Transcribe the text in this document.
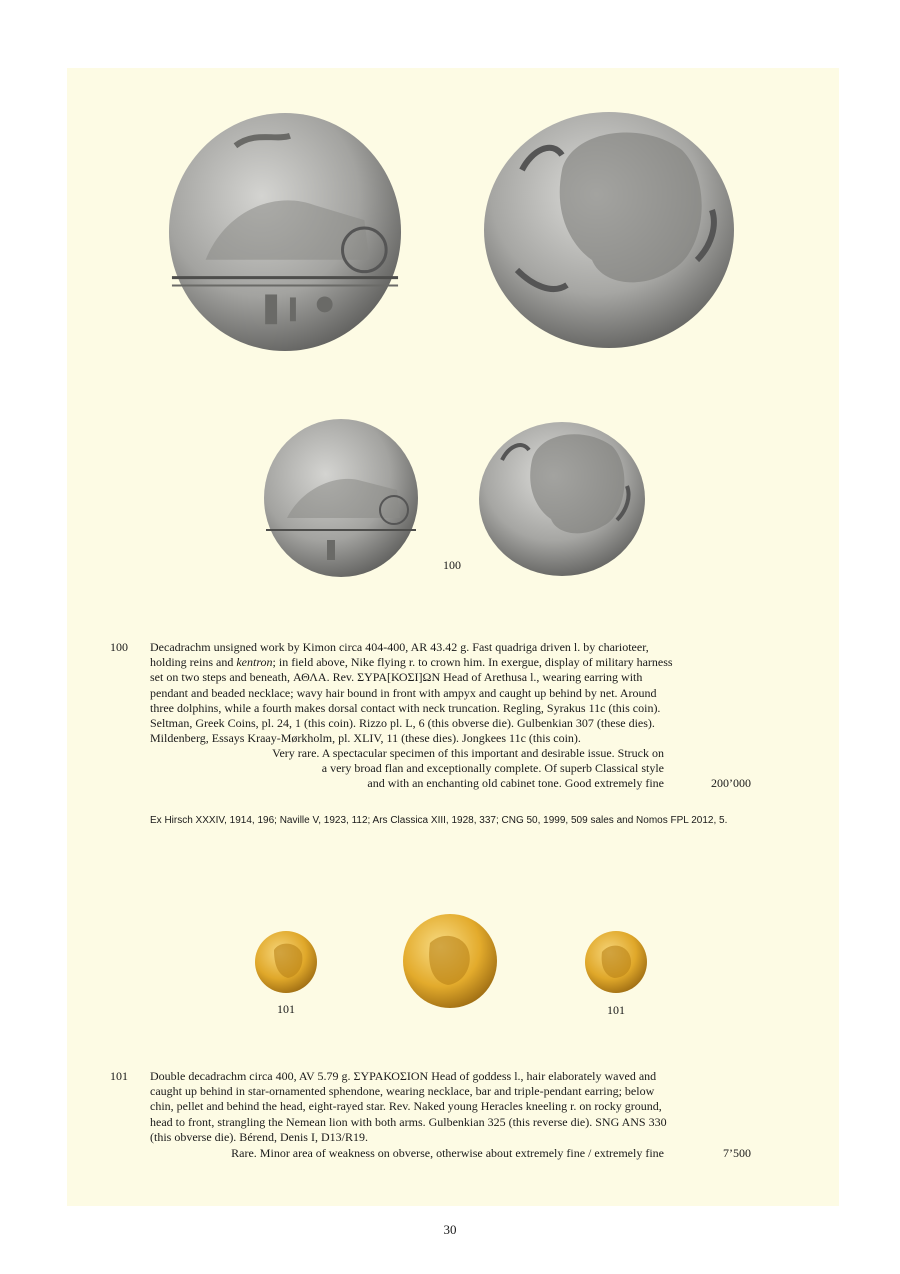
100
100 Decadrachm unsigned work by Kimon circa 404-400, AR 43.42 g. Fast quadriga driven l. by charioteer,

holding reins and kentron; in field above, Nike flying r. to crown him. In exergue, display of military harness

set on two steps and beneath, ΑΘΛΑ. Rev. ΣΥΡΑ[ΚΟΣΙ]ΩΝ Head of Arethusa l., wearing earring with

pendant and beaded necklace; wavy hair bound in front with ampyx and caught up behind by net. Around

three dolphins, while a fourth makes dorsal contact with neck truncation. Regling, Syrakus 11c (this coin).

Seltman, Greek Coins, pl. 24, 1 (this coin). Rizzo pl. L, 6 (this obverse die). Gulbenkian 307 (these dies).

Mildenberg, Essays Kraay-Mørkholm, pl. XLIV, 11 (these dies). Jongkees 11c (this coin).

Very rare. A spectacular specimen of this important and desirable issue. Struck on
a very broad flan and exceptionally complete. Of superb Classical style
and with an enchanting old cabinet tone. Good extremely fine	200’000
Ex Hirsch XXXIV, 1914, 196; Naville V, 1923, 112; Ars Classica XIII, 1928, 337; CNG 50, 1999, 509 sales and Nomos FPL 2012, 5.
101	101
101 Double decadrachm circa 400, AV 5.79 g. ΣΥΡΑΚΟΣΙΟΝ Head of goddess l., hair elaborately waved and

caught up behind in star-ornamented sphendone, wearing necklace, bar and triple-pendant earring; below

chin, pellet and behind the head, eight-rayed star. Rev. Naked young Heracles kneeling r. on rocky ground,

head to front, strangling the Nemean lion with both arms. Gulbenkian 325 (this reverse die). SNG ANS 330

(this obverse die). Bérend, Denis I, D13/R19.

Rare. Minor area of weakness on obverse, otherwise about extremely fine / extremely fine	7’500
30
